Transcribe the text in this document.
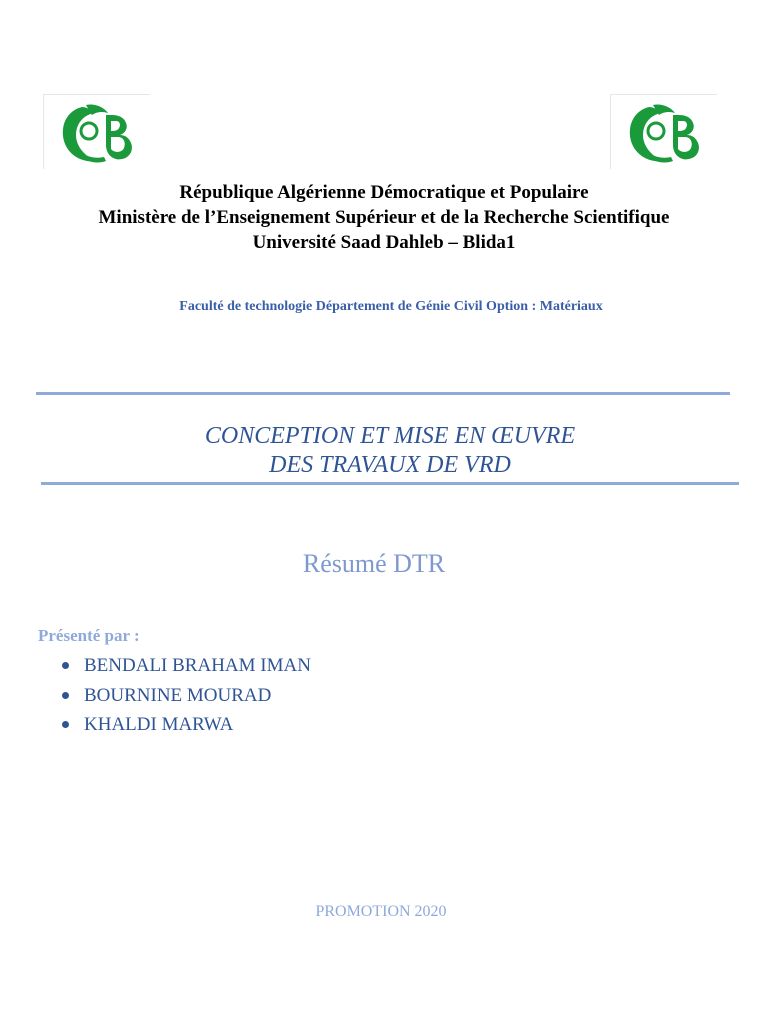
République Algérienne Démocratique et Populaire
Ministère de l’Enseignement Supérieur et de la Recherche Scientifique
Université Saad Dahleb – Blida1
Faculté de technologie Département de Génie Civil Option : Matériaux
CONCEPTION ET MISE EN ŒUVRE
DES TRAVAUX DE VRD
Résumé DTR
Présenté par :
BENDALI BRAHAM IMAN
BOURNINE MOURAD
KHALDI MARWA
PROMOTION 2020
